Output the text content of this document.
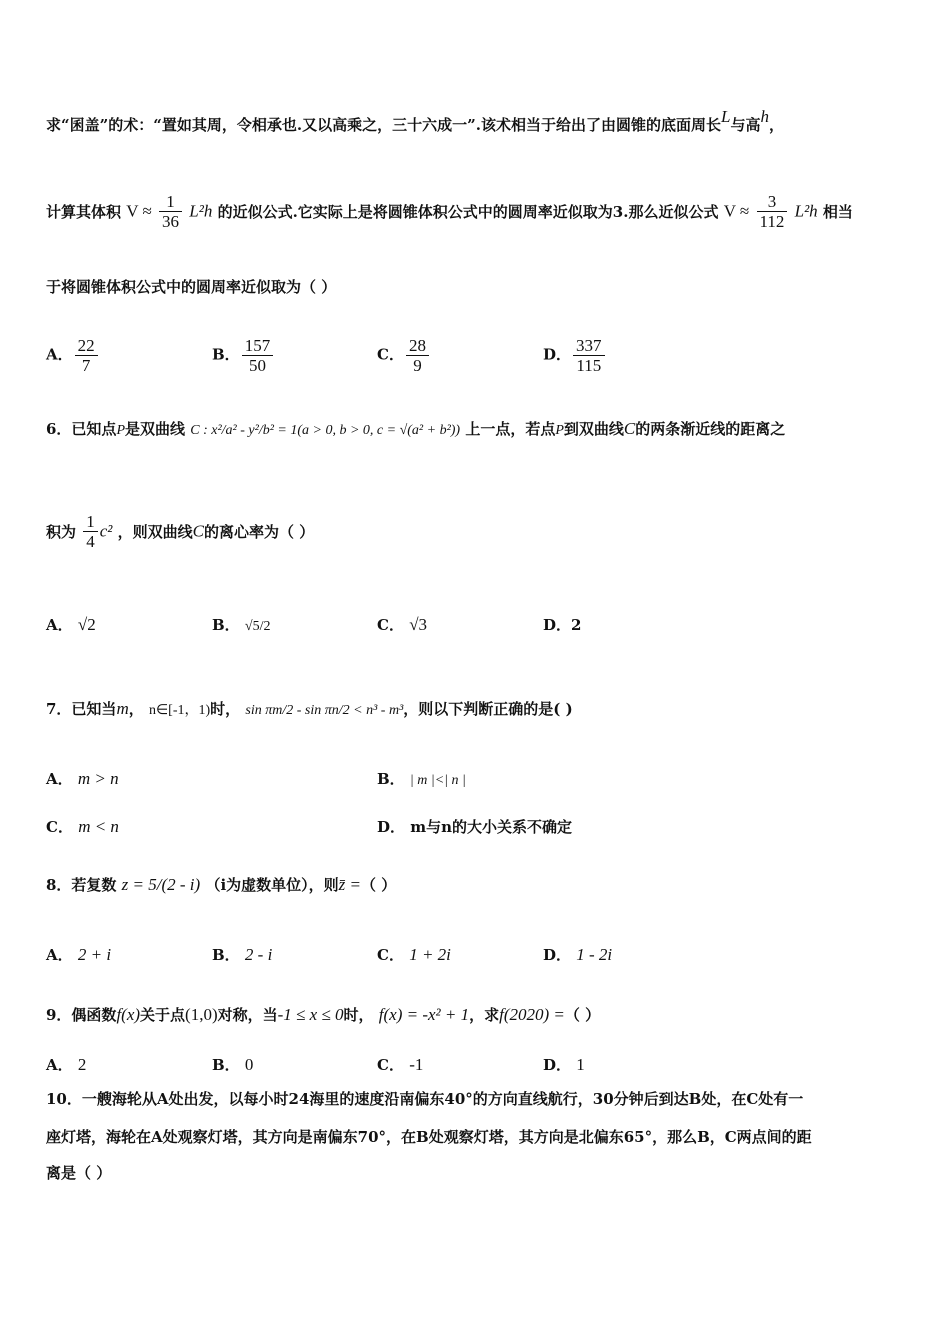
求“囷盖”的术：“置如其周，令相承也.又以高乘之，三十六成一”.该术相当于给出了由圆锥的底面周长L与高h，
计算其体积 $V \approx \frac{1}{36} L^2h$ 的近似公式.它实际上是将圆锥体积公式中的圆周率近似取为3.那么近似公式 $V \approx \frac{3}{112} L^2h$ 相当
于将圆锥体积公式中的圆周率近似取为（ ）
A． $\frac{22}{7}$	B． $\frac{157}{50}$	C． $\frac{28}{9}$	D． $\frac{337}{115}$
6．已知点P是双曲线 C : x²/a² - y²/b² = 1(a > 0, b > 0, c = √(a² + b²)) 上一点，若点P到双曲线C的两条渐近线的距离之
积为 $\frac{1}{4} c^2$ ，则双曲线C的离心率为（ ）
A． √2	B． √5/2	C． √3	D．2
7．已知当m， n∈[-1，1)时， sin πm/2 - sin πn/2 < n³ - m³，则以下判断正确的是( )
A． m > n	B． | m |<| n |
C． m < n	D． m与n的大小关系不确定
8．若复数 z = 5/(2 - i) （i为虚数单位），则z̄ =（ ）
A． 2 + i	B． 2 - i	C． 1 + 2i	D． 1 - 2i
9．偶函数f(x)关于点(1,0)对称，当-1 ≤ x ≤ 0时， f(x) = -x² + 1，求f(2020) =（ ）
A． 2	B． 0	C． -1	D． 1
10．一艘海轮从A处出发，以每小时24海里的速度沿南偏东40°的方向直线航行，30分钟后到达B处，在C处有一
座灯塔，海轮在A处观察灯塔，其方向是南偏东70°，在B处观察灯塔，其方向是北偏东65°，那么B，C两点间的距
离是（ ）
